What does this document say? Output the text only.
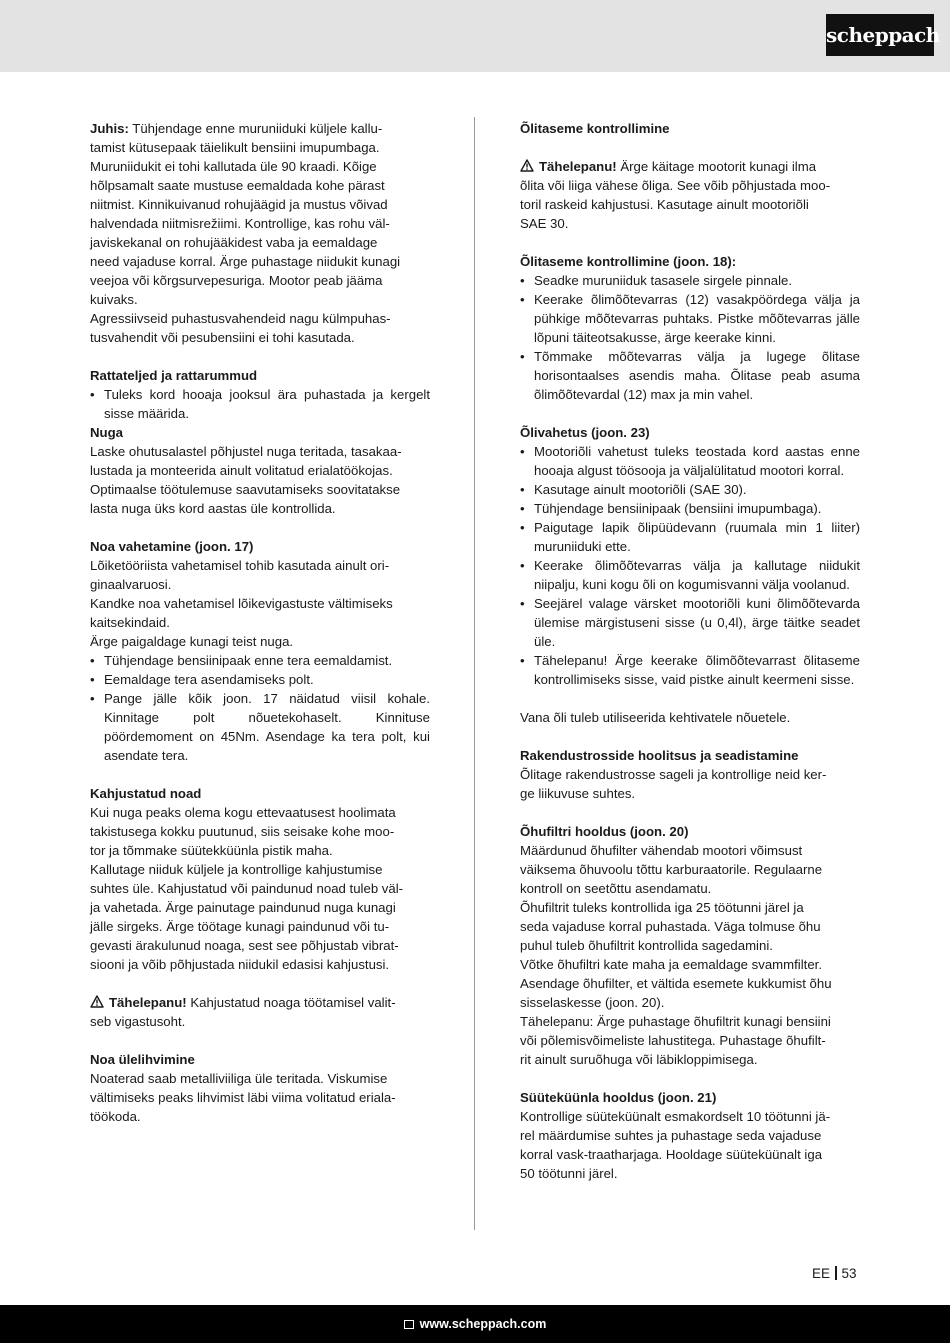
scheppach
Juhis: Tühjendage enne muruniiduki küljele kallu-
tamist kütusepaak täielikult bensiini imupumbaga.
Muruniidukit ei tohi kallutada üle 90 kraadi. Kõige
hõlpsamalt saate mustuse eemaldada kohe pärast
niitmist. Kinnikuivanud rohujäägid ja mustus võivad
halvendada niitmisrežiimi. Kontrollige, kas rohu väl-
javiskekanal on rohujääkidest vaba ja eemaldage
need vajaduse korral. Ärge puhastage niidukit kunagi
veejoa või kõrgsurvepesuriga. Mootor peab jääma
kuivaks.
Agressiivseid puhastusvahendeid nagu külmpuhas-
tusvahendit või pesubensiini ei tohi kasutada.
Rattateljed ja rattarummud
• Tuleks kord hooaja jooksul ära puhastada ja kergelt sisse määrida.
Nuga
Laske ohutusalastel põhjustel nuga teritada, tasakaa-
lustada ja monteerida ainult volitatud erialatöökojas.
Optimaalse töötulemuse saavutamiseks soovitatakse
lasta nuga üks kord aastas üle kontrollida.
Noa vahetamine (joon. 17)
Lõiketööriista vahetamisel tohib kasutada ainult ori-
ginaalvaruosi.
Kandke noa vahetamisel lõikevigastuste vältimiseks
kaitsekindaid.
Ärge paigaldage kunagi teist nuga.
• Tühjendage bensiinipaak enne tera eemaldamist.
• Eemaldage tera asendamiseks polt.
• Pange jälle kõik joon. 17 näidatud viisil kohale. Kinnitage polt nõuetekohaselt. Kinnituse pöördemoment on 45Nm. Asendage ka tera polt, kui asendate tera.
Kahjustatud noad
Kui nuga peaks olema kogu ettevaatusest hoolimata
takistusega kokku puutunud, siis seisake kohe moo-
tor ja tõmmake süütekküünla pistik maha.
Kallutage niiduk küljele ja kontrollige kahjustumise
suhtes üle. Kahjustatud või paindunud noad tuleb väl-
ja vahetada. Ärge painutage paindunud nuga kunagi
jälle sirgeks. Ärge töötage kunagi paindunud või tu-
gevasti ärakulunud noaga, sest see põhjustab vibrat-
siooni ja võib põhjustada niidukil edasisi kahjustusi.
Tähelepanu! Kahjustatud noaga töötamisel valit-
seb vigastusoht.
Noa ülelihvimine
Noaterad saab metalliviiliga üle teritada. Viskumise
vältimiseks peaks lihvimist läbi viima volitatud eriala-
töökoda.
Õlitaseme kontrollimine
Tähelepanu! Ärge käitage mootorit kunagi ilma
õlita või liiga vähese õliga. See võib põhjustada moo-
toril raskeid kahjustusi. Kasutage ainult mootoriõli
SAE 30.
Õlitaseme kontrollimine (joon. 18):
• Seadke muruniiduk tasasele sirgele pinnale.
• Keerake õlimõõtevarras (12) vasakpöördega välja ja pühkige mõõtevarras puhtaks. Pistke mõõtevarras jälle lõpuni täiteotsakusse, ärge keerake kinni.
• Tõmmake mõõtevarras välja ja lugege õlitase horisontaalses asendis maha. Õlitase peab asuma õlimõõtevardal (12) max ja min vahel.
Õlivahetus (joon. 23)
• Mootoriõli vahetust tuleks teostada kord aastas enne hooaja algust töösooja ja väljalülitatud mootori korral.
• Kasutage ainult mootoriõli (SAE 30).
• Tühjendage bensiinipaak (bensiini imupumbaga).
• Paigutage lapik õlipüüdevann (ruumala min 1 liiter) muruniiduki ette.
• Keerake õlimõõtevarras välja ja kallutage niidukit niipalju, kuni kogu õli on kogumisvanni välja voolanud.
• Seejärel valage värsket mootoriõli kuni õlimõõtevarda ülemise märgistuseni sisse (u 0,4l), ärge täitke seadet üle.
• Tähelepanu! Ärge keerake õlimõõtevarrast õlitaseme kontrollimiseks sisse, vaid pistke ainult keermeni sisse.
Vana õli tuleb utiliseerida kehtivatele nõuetele.
Rakendustrosside hoolitsus ja seadistamine
Õlitage rakendustrosse sageli ja kontrollige neid ker-
ge liikuvuse suhtes.
Õhufiltri hooldus (joon. 20)
Määrdunud õhufilter vähendab mootori võimsust
väiksema õhuvoolu tõttu karburaatorile. Regulaarne
kontroll on seetõttu asendamatu.
Õhufiltrit tuleks kontrollida iga 25 töötunni järel ja
seda vajaduse korral puhastada. Väga tolmuse õhu
puhul tuleb õhufiltrit kontrollida sagedamini.
Võtke õhufiltri kate maha ja eemaldage svammfilter.
Asendage õhufilter, et vältida esemete kukkumist õhu
sisselaskesse (joon. 20).
Tähelepanu: Ärge puhastage õhufiltrit kunagi bensiini
või põlemisvõimeliste lahustitega. Puhastage õhufilt-
rit ainult suruõhuga või läbikloppimisega.
Süüteküünla hooldus (joon. 21)
Kontrollige süüteküünalt esmakordselt 10 töötunni jä-
rel määrdumise suhtes ja puhastage seda vajaduse
korral vask-traatharjaga. Hooldage süüteküünalt iga
50 töötunni järel.
EE 53
www.scheppach.com
